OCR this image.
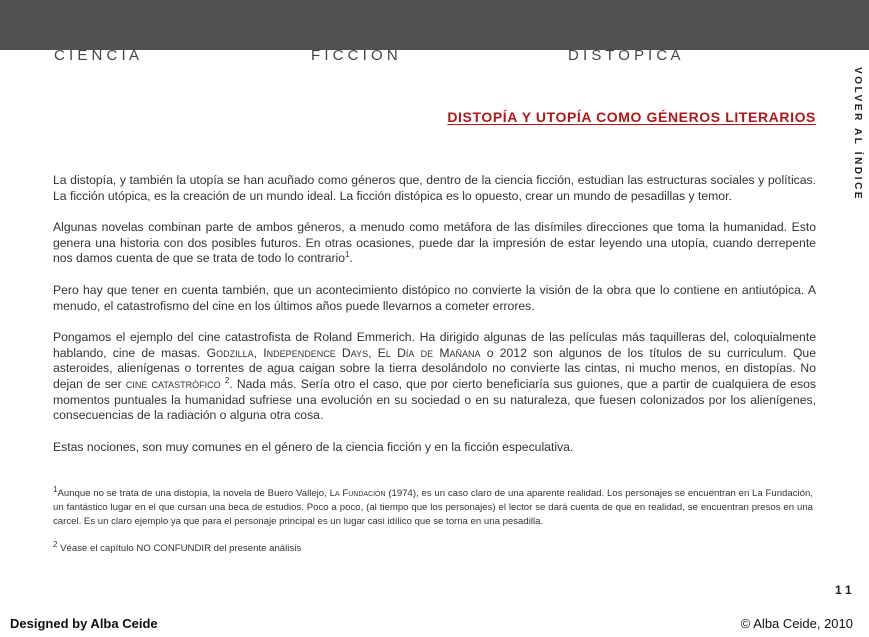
C I E N C I A	F I C C I Ó N	D I S T Ó P I C A
VOLVER AL ÍNDICE
DISTOPÍA Y UTOPÍA COMO GÉNEROS LITERARIOS

La distopía, y también la utopía se han acuñado como géneros que, dentro de la ciencia ficción, estudian las estructuras sociales y políticas. La ficción utópica, es la creación de un mundo ideal. La ficción distópica es lo opuesto, crear un mundo de pesadillas y temor.

Algunas novelas combinan parte de ambos géneros, a menudo como metáfora de las disímiles direcciones que toma la humanidad. Esto genera una historia con dos posibles futuros. En otras ocasiones, puede dar la impresión de estar leyendo una utopía, cuando derrepente nos damos cuenta de que se trata de todo lo contrario$^1$.

Pero hay que tener en cuenta también, que un acontecimiento distópico no convierte la visión de la obra que lo contiene en antiutópica. A menudo, el catastrofismo del cine en los últimos años puede llevarnos a cometer errores.

Pongamos el ejemplo del cine catastrofista de Roland Emmerich. Ha dirigido algunas de las películas más taquilleras del, coloquialmente hablando, cine de masas. Godzilla, Independence Days, El Día de Mañana o 2012 son algunos de los títulos de su curriculum. Que asteroides, alienígenas o torrentes de agua caigan sobre la tierra desolándolo no convierte las cintas, ni mucho menos, en distopías. No dejan de ser cine catastrófico $^2$. Nada más. Sería otro el caso, que por cierto beneficiaría sus guiones, que a partir de cualquiera de esos momentos puntuales la humanidad sufriese una evolución en su sociedad o en su naturaleza, que fuesen colonizados por los alienígenes, consecuencias de la radiación o alguna otra cosa.

Estas nociones, son muy comunes en el género de la ciencia ficción y en la ficción especulativa.

$^1$Aunque no se trata de una distopía, la novela de Buero Vallejo, La Fundación (1974), es un caso claro de una aparente realidad. Los personajes se encuentran en La Fundación, un fantástico lugar en el que cursan una beca de estudios. Poco a poco, (al tiempo que los personajes) el lector se dará cuenta de que en realidad, se encuentran presos en una carcel. Es un claro ejemplo ya que para el personaje principal es un lugar casi idílico que se torna en una pesadilla.

$^2$ Véase el capítulo NO CONFUNDIR del presente análisis

11
Designed by Alba Ceide	© Alba Ceide, 2010
